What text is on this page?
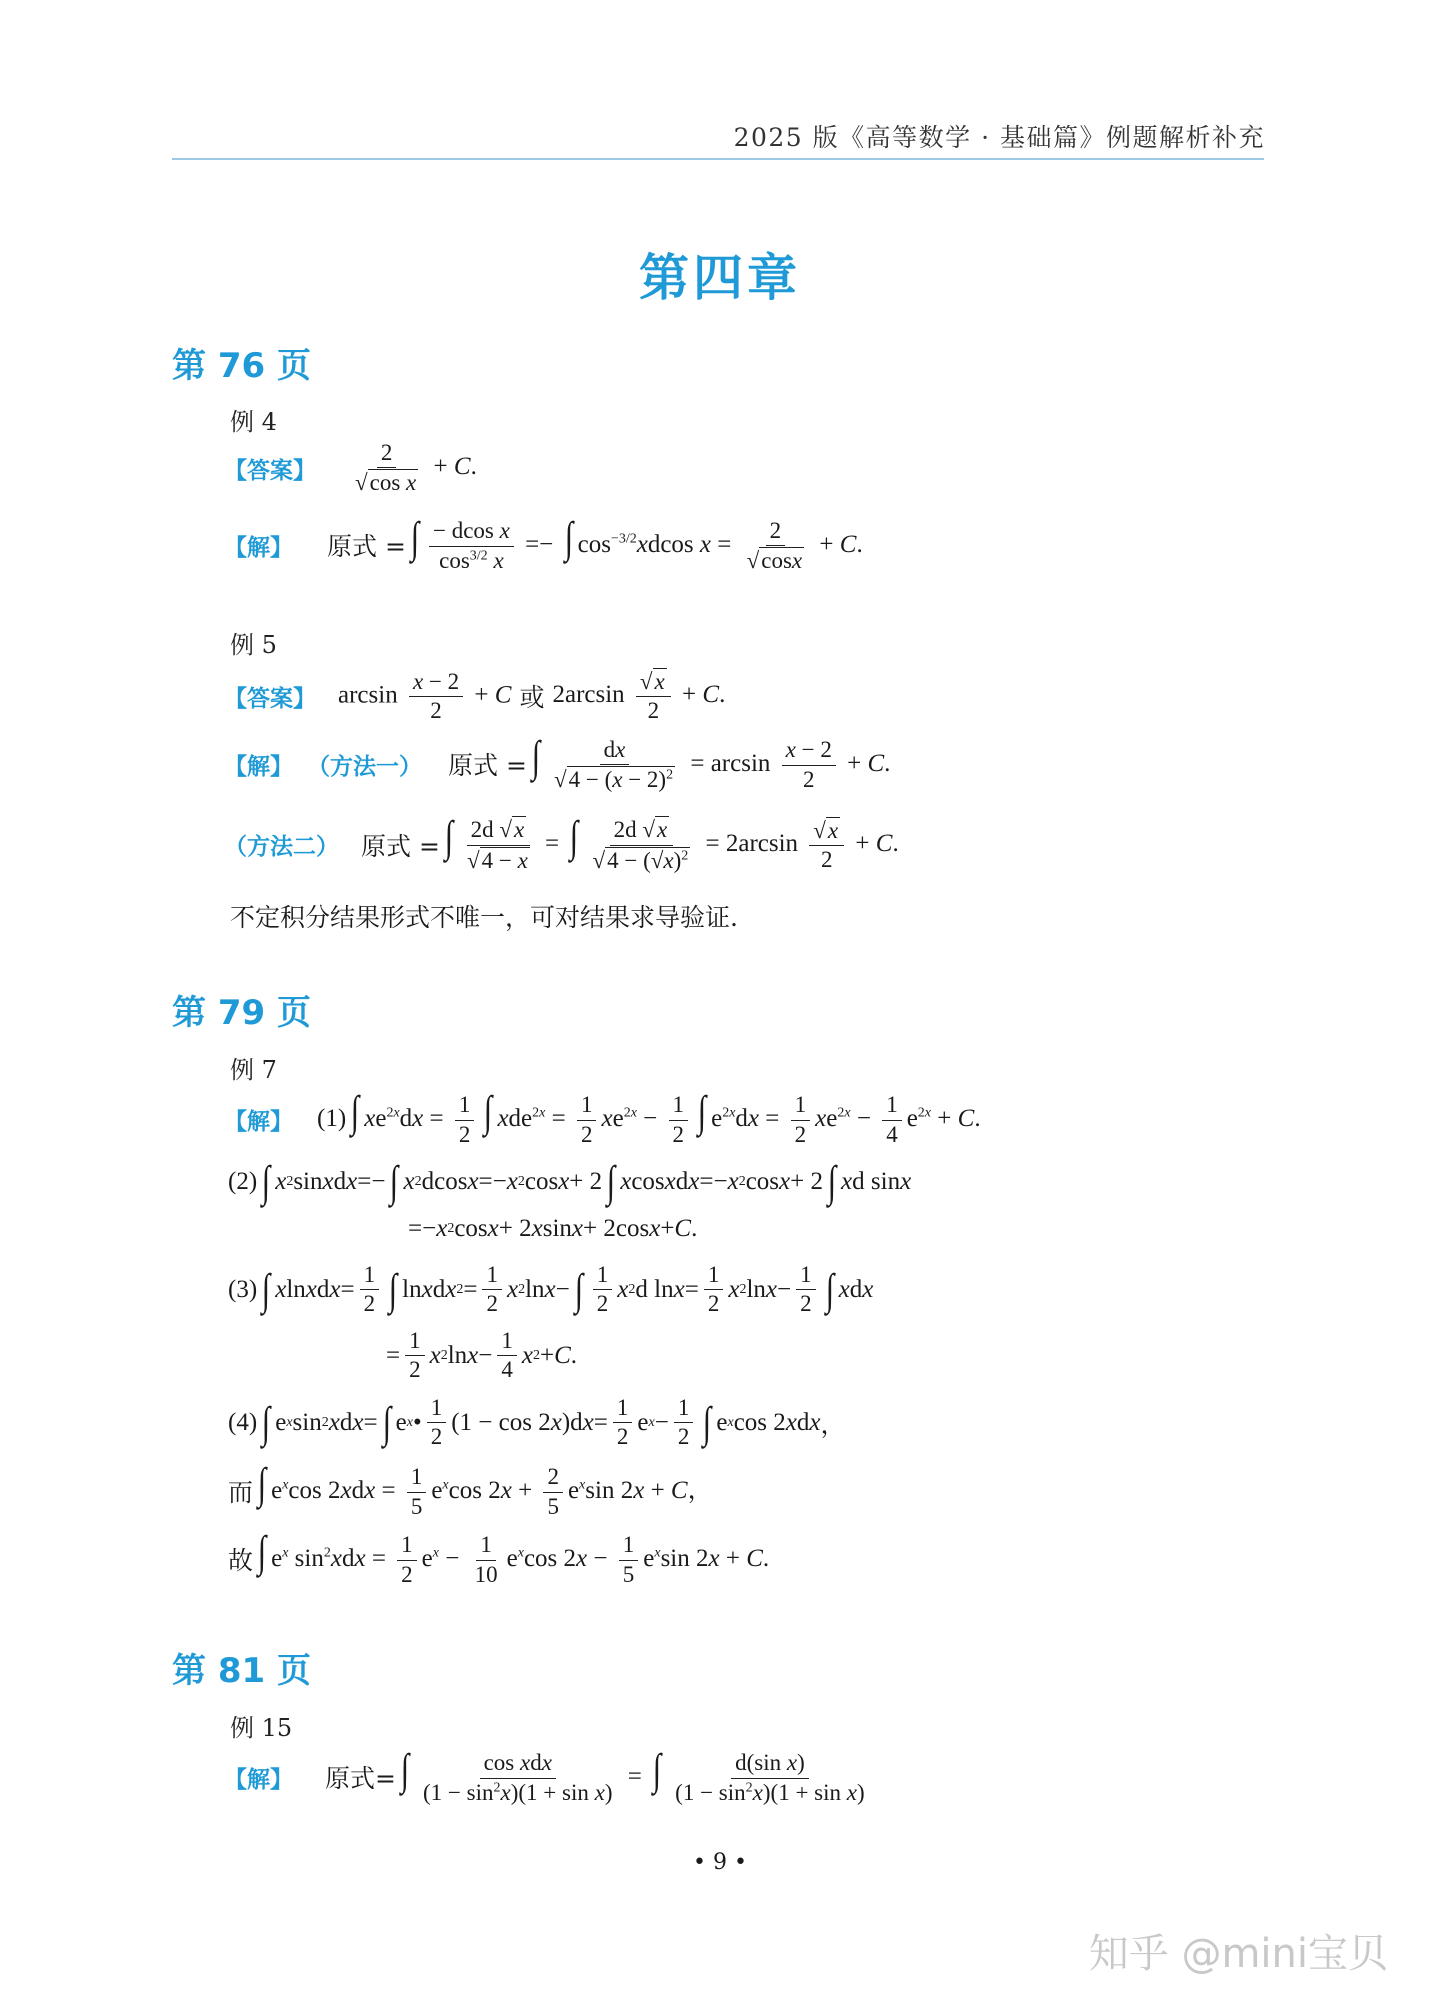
2025 版《高等数学 · 基础篇》例题解析补充
第四章
第 76 页
例 4
【答案】 $\frac{2}{\text{√cos x}} + C$.
【解】 原式 = ∫ $\frac{\text{− dcos x}}{\cos^{3/2} x}$ =− ∫ $\cos^{-3/2}xdcos$ $x = \frac{2}{√\cos x} + C$.
例 5
【答案】 $\arcsin \frac{x - 2}{2} + C$ 或 $2\arcsin \frac{√x}{2} + C$.
【解】 （方法一） 原式 = ∫ $\frac{dx}{√4 - (x - 2)^2} = \arcsin \frac{x - 2}{2} + C$.
（方法二） 原式 = ∫ $\frac{2d √x}{√4 - x}$ = ∫ $\frac{2d √x}{√4 - (√x)^2} = 2\arcsin \frac{√x}{2} + C$.
不定积分结果形式不唯一，可对结果求导验证.
第 79 页
例 7
【解】 (1) ∫ $xe^{2x}dx = \frac{1}{2}$ ∫ $xde^{2x} = \frac{1}{2} xe^{2x} - \frac{1}{2}$ ∫ $e^{2x}dx = \frac{1}{2} xe^{2x} - \frac{1}{4} e^{2x} + C$.
(2) ∫ x 2 sin x d x =− ∫ x 2 dcos x =− x 2 cos x + 2 ∫ x cos x d x =− x 2 cos x + 2 ∫ x d sin x
=− x 2 cos x + 2 x sin x + 2cos x + C .
(3) ∫ x ln x d $x = \frac{1}{2}$ ∫ ln x d x $2 = \frac{1}{2}$ x 2 ln x − ∫ $\frac{1}{2}$ x 2 d $\ln x = \frac{1}{2}$ x 2 $\ln x - \frac{1}{2}$ ∫ x d x
= $\frac{1}{2}$ x 2 $\ln x - \frac{1}{4}$ x 2 + C .
(4) ∫ e x sin 2 x d x = ∫ e x • $\frac{1}{2} (1 - \cos 2$ x )d $x = \frac{1}{2}$ e $x - \frac{1}{2}$ ∫ e x cos 2 x d x ，
而 ∫ $e^x\cos$ $2xdx = \frac{1}{5} e^x\cos$ $2x + \frac{2}{5} e^x\sin$ 2x + C，
故 ∫ $e^x$ $\sin^2xdx = \frac{1}{2} e^x - \frac{1}{10} e^x\cos$ $2x - \frac{1}{5} e^x\sin$ 2x + C.
第 81 页
例 15
【解】 原式= ∫ $\frac{\text{cos xdx}}{(1 - \sin^2x)(1 + \sin x)}$ = ∫ $\frac{\text{d(sin x)}}{(1 - \sin^2x)(1 + \sin x)}$
• 9 •
知乎 @mini宝贝
